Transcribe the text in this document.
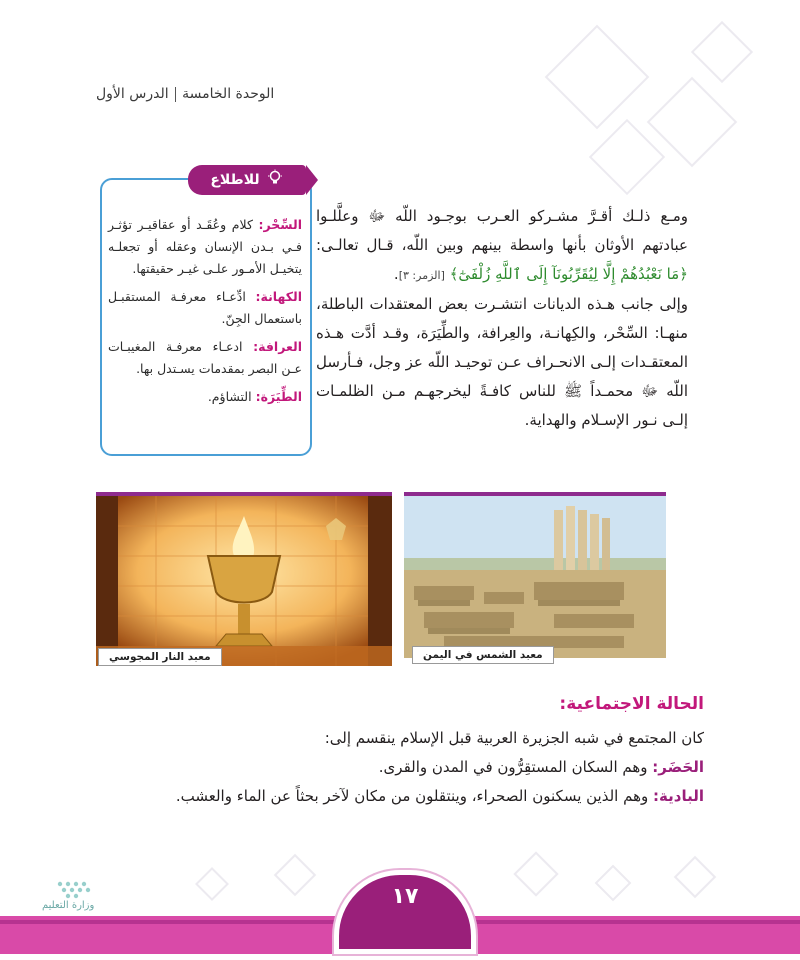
الوحدة الخامسةالدرس الأول

ومـع ذلـك أقـرَّ مشـركو العـرب بوجـود اللّه ﷻ وعلَّلـوا عبادتهم الأوثان بأنها واسطة بينهم وبين اللّه، قـال تعالـى: ﴿مَا نَعْبُدُهُمْ إِلَّا لِيُقَرِّبُونَآ إِلَى ٱللَّهِ زُلْفَىٰٓ﴾ [الزمر: ٣].

وإلى جانب هـذه الديانات انتشـرت بعض المعتقدات الباطلة، منهـا: السِّحْر، والكِهانـة، والعِرافة، والطِّيَرَة، وقـد أدَّت هـذه المعتقـدات إلـى الانحـراف عـن توحيـد اللّه عز وجل، فـأرسل اللّه ﷻ محمـداً ﷺ للناس كافـةً ليخرجهـم مـن الظلمـات إلـى نـور الإسـلام والهداية.

للاطلاع

السِّحْر: كلام وعُقَـد أو عقاقيـر تؤثـر فـي بـدن الإنسان وعقله أو تجعلـه يتخيـل الأمـور علـى غيـر حقيقتها.

الكهانة: ادِّعـاء معرفـة المستقبـل باستعمال الجِنّ.

العرافة: ادعـاء معرفـة المغيبـات عـن البصر بمقدمات يسـتدل بها.

الطِّيَرَة: التشاؤم.

معبد النار المجوسي	معبد الشمس في اليمن
الحالة الاجتماعية:

كان المجتمع في شبه الجزيرة العربية قبل الإسلام ينقسم إلى:

الحَضَر: وهم السكان المستقِرُّون في المدن والقرى.

البادية: وهم الذين يسكنون الصحراء، وينتقلون من مكان لآخر بحثاً عن الماء والعشب.

١٧
وزارة التعليم
